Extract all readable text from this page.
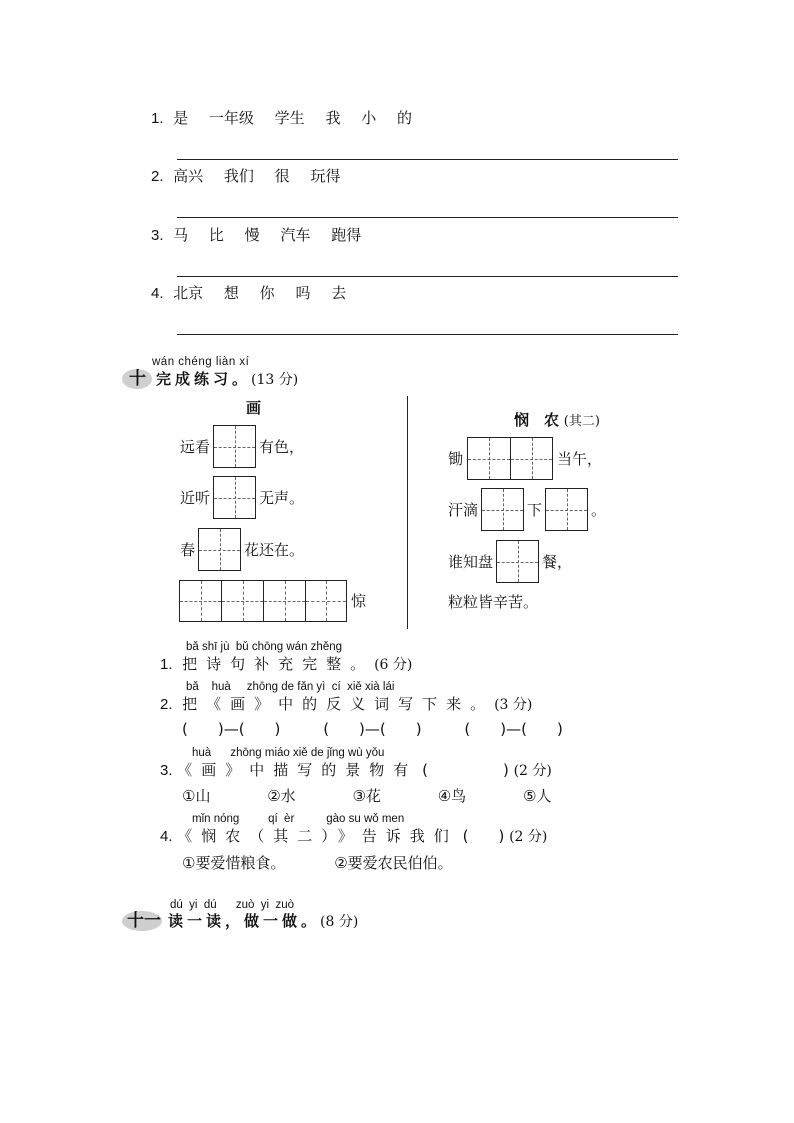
1. 是 一年级 学生 我 小 的
2. 高兴 我们 很 玩得
3. 马 比 慢 汽车 跑得
4. 北京 想 你 吗 去
wán chéng liàn xí
十 完成练习。(13 分)
画
远看	有色，
近听	无声。
春	花还在。
惊
悯　农 (其二)
锄	当午，
汗滴	下	。
谁知盘	餐，
粒粒皆辛苦。
bǎ shī jù  bǔ chōng wán zhěng
1. 把诗句补充完整。(6 分)
bǎ    huà     zhōng de fǎn yì  cí  xiě xià lái
2. 把《画》中的反义词写下来。(3 分)
(　　)—(　　)	(　　)—(　　)	(　　)—(　　)
huà      zhōng miáo xiě de jǐng wù yǒu
3. 《画》中描写的景物有 (　　　　　) (2 分)
①山	②水	③花	④鸟	⑤人
mǐn nóng         qí  èr          gào su wǒ men
4. 《悯农（其二）》告诉我们 (　　) (2 分)
①要爱惜粮食。	②要爱农民伯伯。
dú  yi  dú      zuò  yi  zuò
十一 读一读，做一做。(8 分)
